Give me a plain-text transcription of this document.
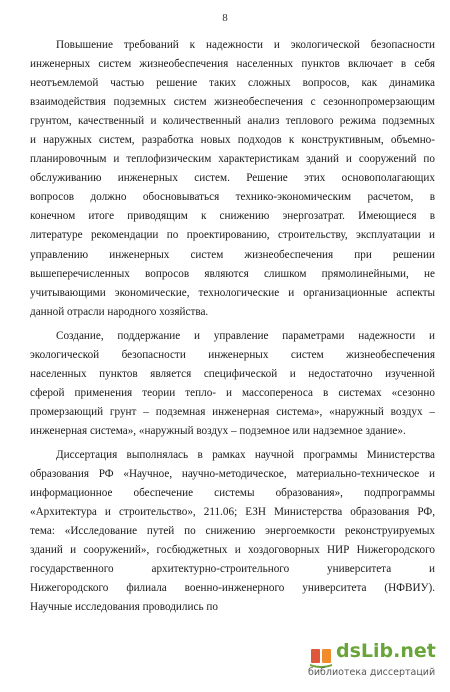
8

Повышение требований к надежности и экологической безопасности
инженерных систем жизнеобеспечения населенных пунктов включает в себя
неотъемлемой частью решение таких сложных вопросов, как динамика
взаимодействия подземных систем жизнеобеспечения с сезоннопромерзающим
грунтом, качественный и количественный анализ теплового режима подземных
и наружных систем, разработка новых подходов к конструктивным, объемно-
планировочным и теплофизическим характеристикам зданий и сооружений по
обслуживанию инженерных систем. Решение этих основополагающих
вопросов должно обосновываться технико-экономическим расчетом, в
конечном итоге приводящим к снижению энергозатрат. Имеющиеся в
литературе рекомендации по проектированию, строительству, эксплуатации и
управлению инженерных систем жизнеобеспечения при решении
вышеперечисленных вопросов являются слишком прямолинейными, не
учитывающими экономические, технологические и организационные аспекты
данной отрасли народного хозяйства.

Создание, поддержание и управление параметрами надежности и
экологической безопасности инженерных систем жизнеобеспечения
населенных пунктов является специфической и недостаточно изученной
сферой применения теории тепло- и массопереноса в системах «сезонно
промерзающий грунт – подземная инженерная система», «наружный воздух –
инженерная система», «наружный воздух – подземное или надземное здание».

Диссертация выполнялась в рамках научной программы Министерства
образования РФ «Научное, научно-методическое, материально-техническое и
информационное обеспечение системы образования», подпрограммы
«Архитектура и строительство», 211.06; ЕЗН Министерства образования РФ,
тема: «Исследование путей по снижению энергоемкости реконструируемых
зданий и сооружений», госбюджетных и хоздоговорных НИР Нижегородского
государственного архитектурно-строительного университета и
Нижегородского филиала военно-инженерного университета (НФВИУ).
Научные исследования проводились по

dsLib.net
библиотека диссертаций
